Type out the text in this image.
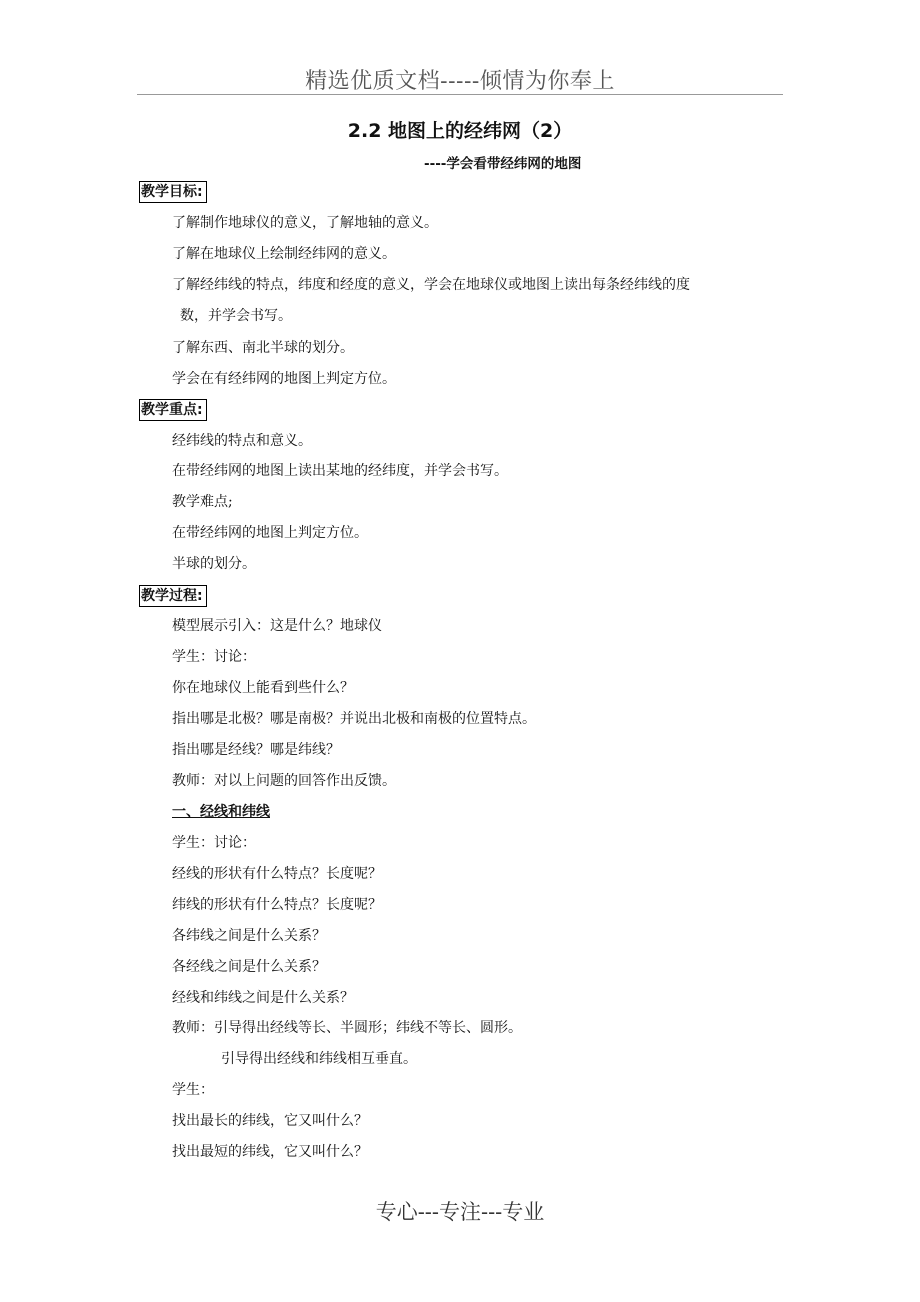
精选优质文档-----倾情为你奉上
2.2 地图上的经纬网（2）
----学会看带经纬网的地图
教学目标:
了解制作地球仪的意义，了解地轴的意义。
了解在地球仪上绘制经纬网的意义。
了解经纬线的特点，纬度和经度的意义，学会在地球仪或地图上读出每条经纬线的度
数，并学会书写。
了解东西、南北半球的划分。
学会在有经纬网的地图上判定方位。
教学重点:
经纬线的特点和意义。
在带经纬网的地图上读出某地的经纬度，并学会书写。
教学难点;
在带经纬网的地图上判定方位。
半球的划分。
教学过程:
模型展示引入：这是什么？地球仪
学生：讨论：
你在地球仪上能看到些什么？
指出哪是北极？哪是南极？并说出北极和南极的位置特点。
指出哪是经线？哪是纬线？
教师：对以上问题的回答作出反馈。
一、经线和纬线
学生：讨论：
经线的形状有什么特点？长度呢？
纬线的形状有什么特点？长度呢？
各纬线之间是什么关系？
各经线之间是什么关系？
经线和纬线之间是什么关系？
教师：引导得出经线等长、半圆形；纬线不等长、圆形。
引导得出经线和纬线相互垂直。
学生：
找出最长的纬线，它又叫什么？
找出最短的纬线，它又叫什么？
专心---专注---专业
